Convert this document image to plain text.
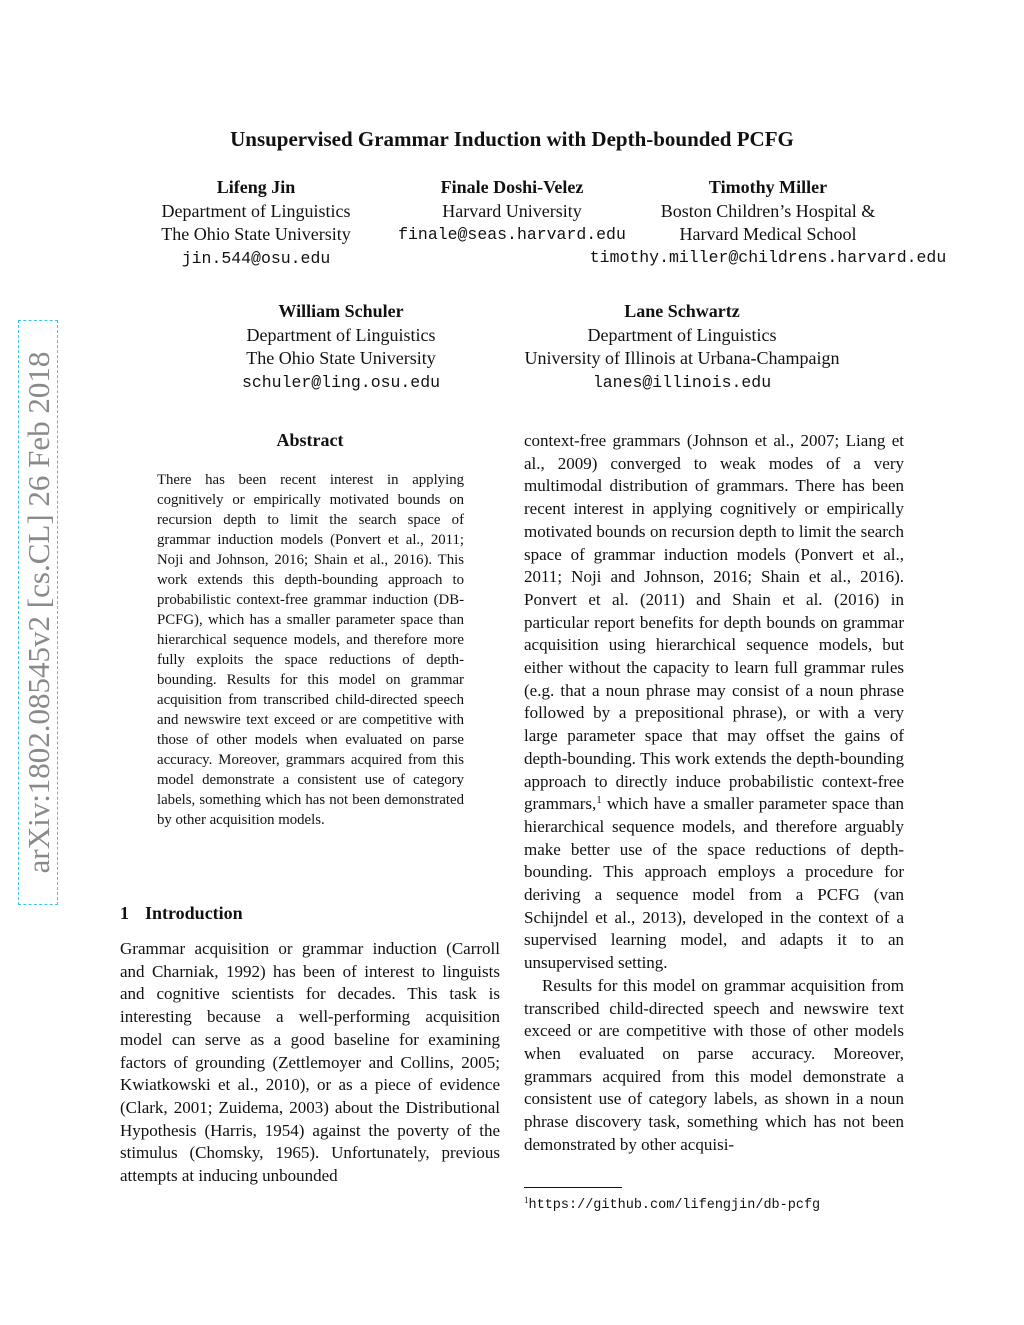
arXiv:1802.08545v2 [cs.CL] 26 Feb 2018
Unsupervised Grammar Induction with Depth-bounded PCFG
Lifeng Jin
Department of Linguistics
The Ohio State University
jin.544@osu.edu
Finale Doshi-Velez
Harvard University
finale@seas.harvard.edu
Timothy Miller
Boston Children’s Hospital &
Harvard Medical School
timothy.miller@childrens.harvard.edu
William Schuler
Department of Linguistics
The Ohio State University
schuler@ling.osu.edu
Lane Schwartz
Department of Linguistics
University of Illinois at Urbana-Champaign
lanes@illinois.edu
Abstract

There has been recent interest in applying cognitively or empirically motivated bounds on recursion depth to limit the search space of grammar induction models (Ponvert et al., 2011; Noji and Johnson, 2016; Shain et al., 2016). This work extends this depth-bounding approach to probabilistic context-free grammar induction (DB-PCFG), which has a smaller parameter space than hierarchical sequence models, and therefore more fully exploits the space reductions of depth-bounding. Results for this model on grammar acquisition from transcribed child-directed speech and newswire text exceed or are competitive with those of other models when evaluated on parse accuracy. Moreover, grammars acquired from this model demonstrate a consistent use of category labels, something which has not been demonstrated by other acquisition models.

1 Introduction

Grammar acquisition or grammar induction (Carroll and Charniak, 1992) has been of interest to linguists and cognitive scientists for decades. This task is interesting because a well-performing acquisition model can serve as a good baseline for examining factors of grounding (Zettlemoyer and Collins, 2005; Kwiatkowski et al., 2010), or as a piece of evidence (Clark, 2001; Zuidema, 2003) about the Distributional Hypothesis (Harris, 1954) against the poverty of the stimulus (Chomsky, 1965). Unfortunately, previous attempts at inducing unbounded

context-free grammars (Johnson et al., 2007; Liang et al., 2009) converged to weak modes of a very multimodal distribution of grammars. There has been recent interest in applying cognitively or empirically motivated bounds on recursion depth to limit the search space of grammar induction models (Ponvert et al., 2011; Noji and Johnson, 2016; Shain et al., 2016). Ponvert et al. (2011) and Shain et al. (2016) in particular report benefits for depth bounds on grammar acquisition using hierarchical sequence models, but either without the capacity to learn full grammar rules (e.g. that a noun phrase may consist of a noun phrase followed by a prepositional phrase), or with a very large parameter space that may offset the gains of depth-bounding. This work extends the depth-bounding approach to directly induce probabilistic context-free grammars,$^1$ which have a smaller parameter space than hierarchical sequence models, and therefore arguably make better use of the space reductions of depth-bounding. This approach employs a procedure for deriving a sequence model from a PCFG (van Schijndel et al., 2013), developed in the context of a supervised learning model, and adapts it to an unsupervised setting.

Results for this model on grammar acquisition from transcribed child-directed speech and newswire text exceed or are competitive with those of other models when evaluated on parse accuracy. Moreover, grammars acquired from this model demonstrate a consistent use of category labels, as shown in a noun phrase discovery task, something which has not been demonstrated by other acquisi-

$^1$https://github.com/lifengjin/db-pcfg
